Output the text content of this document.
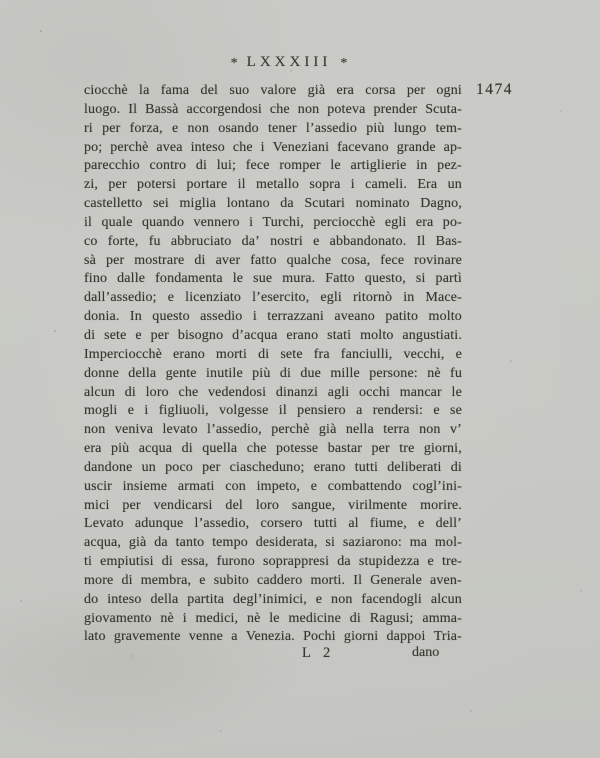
* LXXXIII *
1474
ciocchè la fama del suo valore già era corsa per ogni
luogo. Il Bassà accorgendosi che non poteva prender Scuta-
ri per forza, e non osando tener l’assedio più lungo tem-
po; perchè avea inteso che i Veneziani facevano grande ap-
parecchio contro di lui; fece romper le artiglierie in pez-
zi, per potersi portare il metallo sopra i cameli. Era un
castelletto sei miglia lontano da Scutari nominato Dagno,
il quale quando vennero i Turchi, perciocchè egli era po-
co forte, fu abbruciato da’ nostri e abbandonato. Il Bas-
sà per mostrare di aver fatto qualche cosa, fece rovinare
fino dalle fondamenta le sue mura. Fatto questo, si partì
dall’assedio; e licenziato l’esercito, egli ritornò in Mace-
donia. In questo assedio i terrazzani aveano patito molto
di sete e per bisogno d’acqua erano stati molto angustiati.
Imperciocchè erano morti di sete fra fanciulli, vecchi, e
donne della gente inutile più di due mille persone: nè fu
alcun di loro che vedendosi dinanzi agli occhi mancar le
mogli e i figliuoli, volgesse il pensiero a rendersi: e se
non veniva levato l’assedio, perchè già nella terra non v’
era più acqua di quella che potesse bastar per tre giorni,
dandone un poco per ciascheduno; erano tutti deliberati di
uscir insieme armati con impeto, e combattendo cogl’ini-
mici per vendicarsi del loro sangue, virilmente morire.
Levato adunque l’assedio, corsero tutti al fiume, e dell’
acqua, già da tanto tempo desiderata, si saziarono: ma mol-
ti empiutisi di essa, furono soprappresi da stupidezza e tre-
more di membra, e subito caddero morti. Il Generale aven-
do inteso della partita degl’inimici, e non facendogli alcun
giovamento nè i medici, nè le medicine di Ragusi; amma-
lato gravemente venne a Venezia. Pochi giorni dappoi Tria-
L 2	dano
